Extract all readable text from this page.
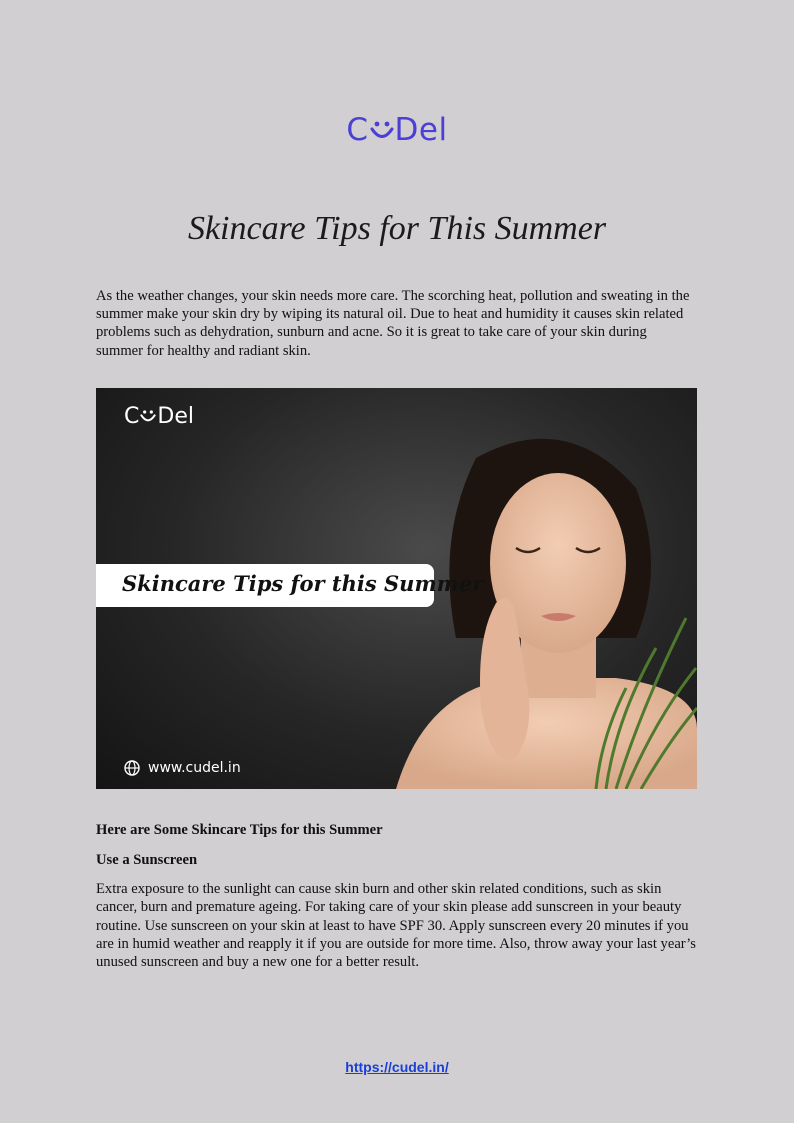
C Del
Skincare Tips for This Summer

As the weather changes, your skin needs more care. The scorching heat, pollution and sweating in the summer make your skin dry by wiping its natural oil. Due to heat and humidity it causes skin related problems such as dehydration, sunburn and acne. So it is great to take care of your skin during summer for healthy and radiant skin.

C Del
Skincare Tips for this Summer
www.cudel.in
Here are Some Skincare Tips for this Summer
Use a Sunscreen

Extra exposure to the sunlight can cause skin burn and other skin related conditions, such as skin cancer, burn and premature ageing. For taking care of your skin please add sunscreen in your beauty routine. Use sunscreen on your skin at least to have SPF 30. Apply sunscreen every 20 minutes if you are in humid weather and reapply it if you are outside for more time. Also, throw away your last year’s unused sunscreen and buy a new one for a better result.

https://cudel.in/
